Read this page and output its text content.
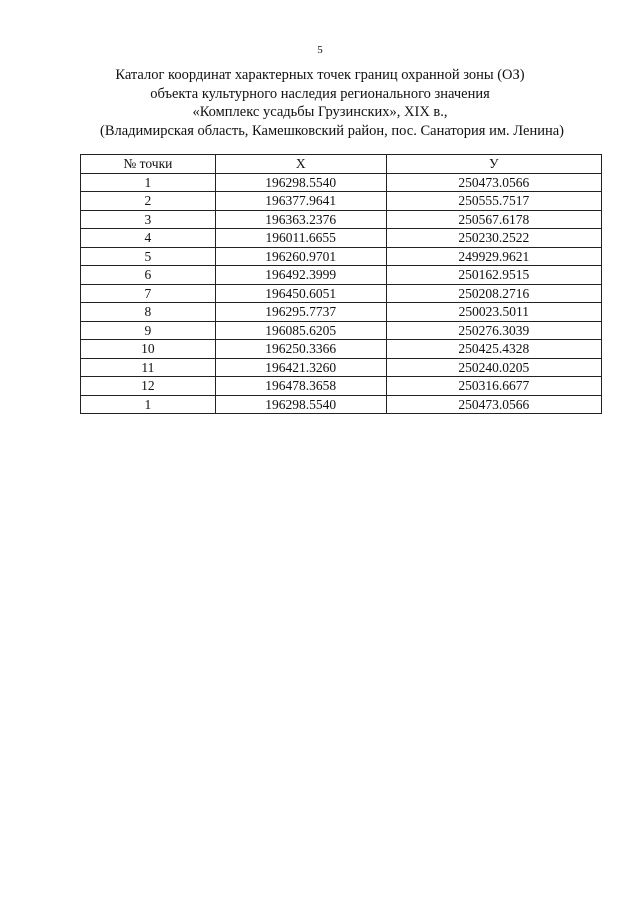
5
Каталог координат характерных точек границ охранной зоны (ОЗ)
объекта культурного наследия регионального значения
«Комплекс усадьбы Грузинских», XIX в.,
(Владимирская область, Камешковский район, пос. Санатория им. Ленина)
№ точки	X	У
1	196298.5540	250473.0566
2	196377.9641	250555.7517
3	196363.2376	250567.6178
4	196011.6655	250230.2522
5	196260.9701	249929.9621
6	196492.3999	250162.9515
7	196450.6051	250208.2716
8	196295.7737	250023.5011
9	196085.6205	250276.3039
10	196250.3366	250425.4328
11	196421.3260	250240.0205
12	196478.3658	250316.6677
1	196298.5540	250473.0566
